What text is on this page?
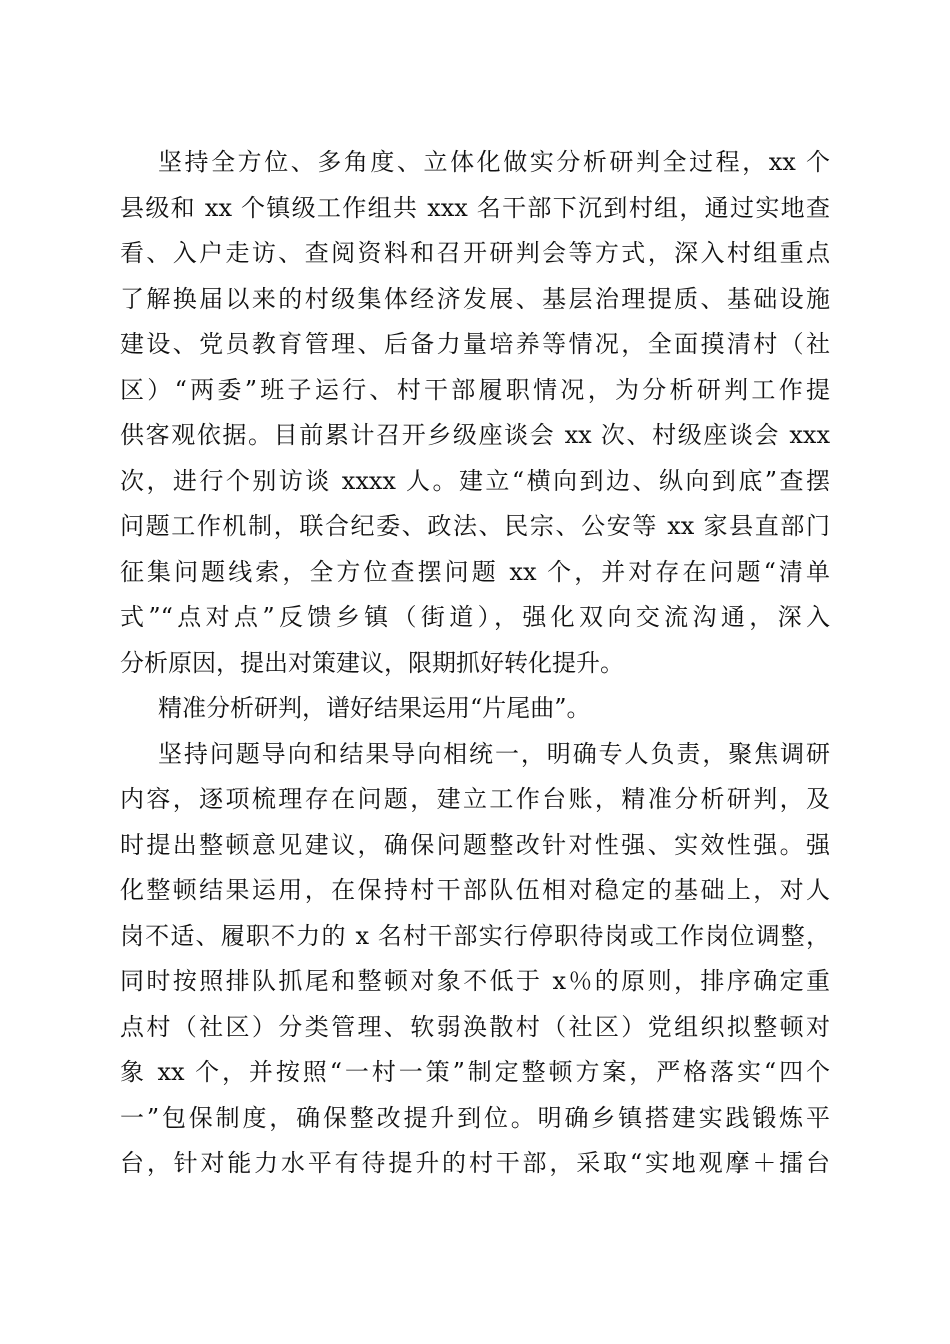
坚持全方位、多角度、立体化做实分析研判全过程，xx 个
县级和 xx 个镇级工作组共 xxx 名干部下沉到村组，通过实地查
看、入户走访、查阅资料和召开研判会等方式，深入村组重点
了解换届以来的村级集体经济发展、基层治理提质、基础设施
建设、党员教育管理、后备力量培养等情况，全面摸清村（社
区）“两委”班子运行、村干部履职情况，为分析研判工作提
供客观依据。目前累计召开乡级座谈会 xx 次、村级座谈会 xxx
次，进行个别访谈 xxxx 人。建立“横向到边、纵向到底”查摆
问题工作机制，联合纪委、政法、民宗、公安等 xx 家县直部门
征集问题线索，全方位查摆问题 xx 个，并对存在问题“清单
式”“点对点”反馈乡镇（街道），强化双向交流沟通，深入
分析原因，提出对策建议，限期抓好转化提升。
精准分析研判，谱好结果运用“片尾曲”。
坚持问题导向和结果导向相统一，明确专人负责，聚焦调研
内容，逐项梳理存在问题，建立工作台账，精准分析研判，及
时提出整顿意见建议，确保问题整改针对性强、实效性强。强
化整顿结果运用，在保持村干部队伍相对稳定的基础上，对人
岗不适、履职不力的 x 名村干部实行停职待岗或工作岗位调整，
同时按照排队抓尾和整顿对象不低于 x％的原则，排序确定重
点村（社区）分类管理、软弱涣散村（社区）党组织拟整顿对
象 xx 个，并按照“一村一策”制定整顿方案，严格落实“四个
一”包保制度，确保整改提升到位。明确乡镇搭建实践锻炼平
台，针对能力水平有待提升的村干部，采取“实地观摩＋擂台
